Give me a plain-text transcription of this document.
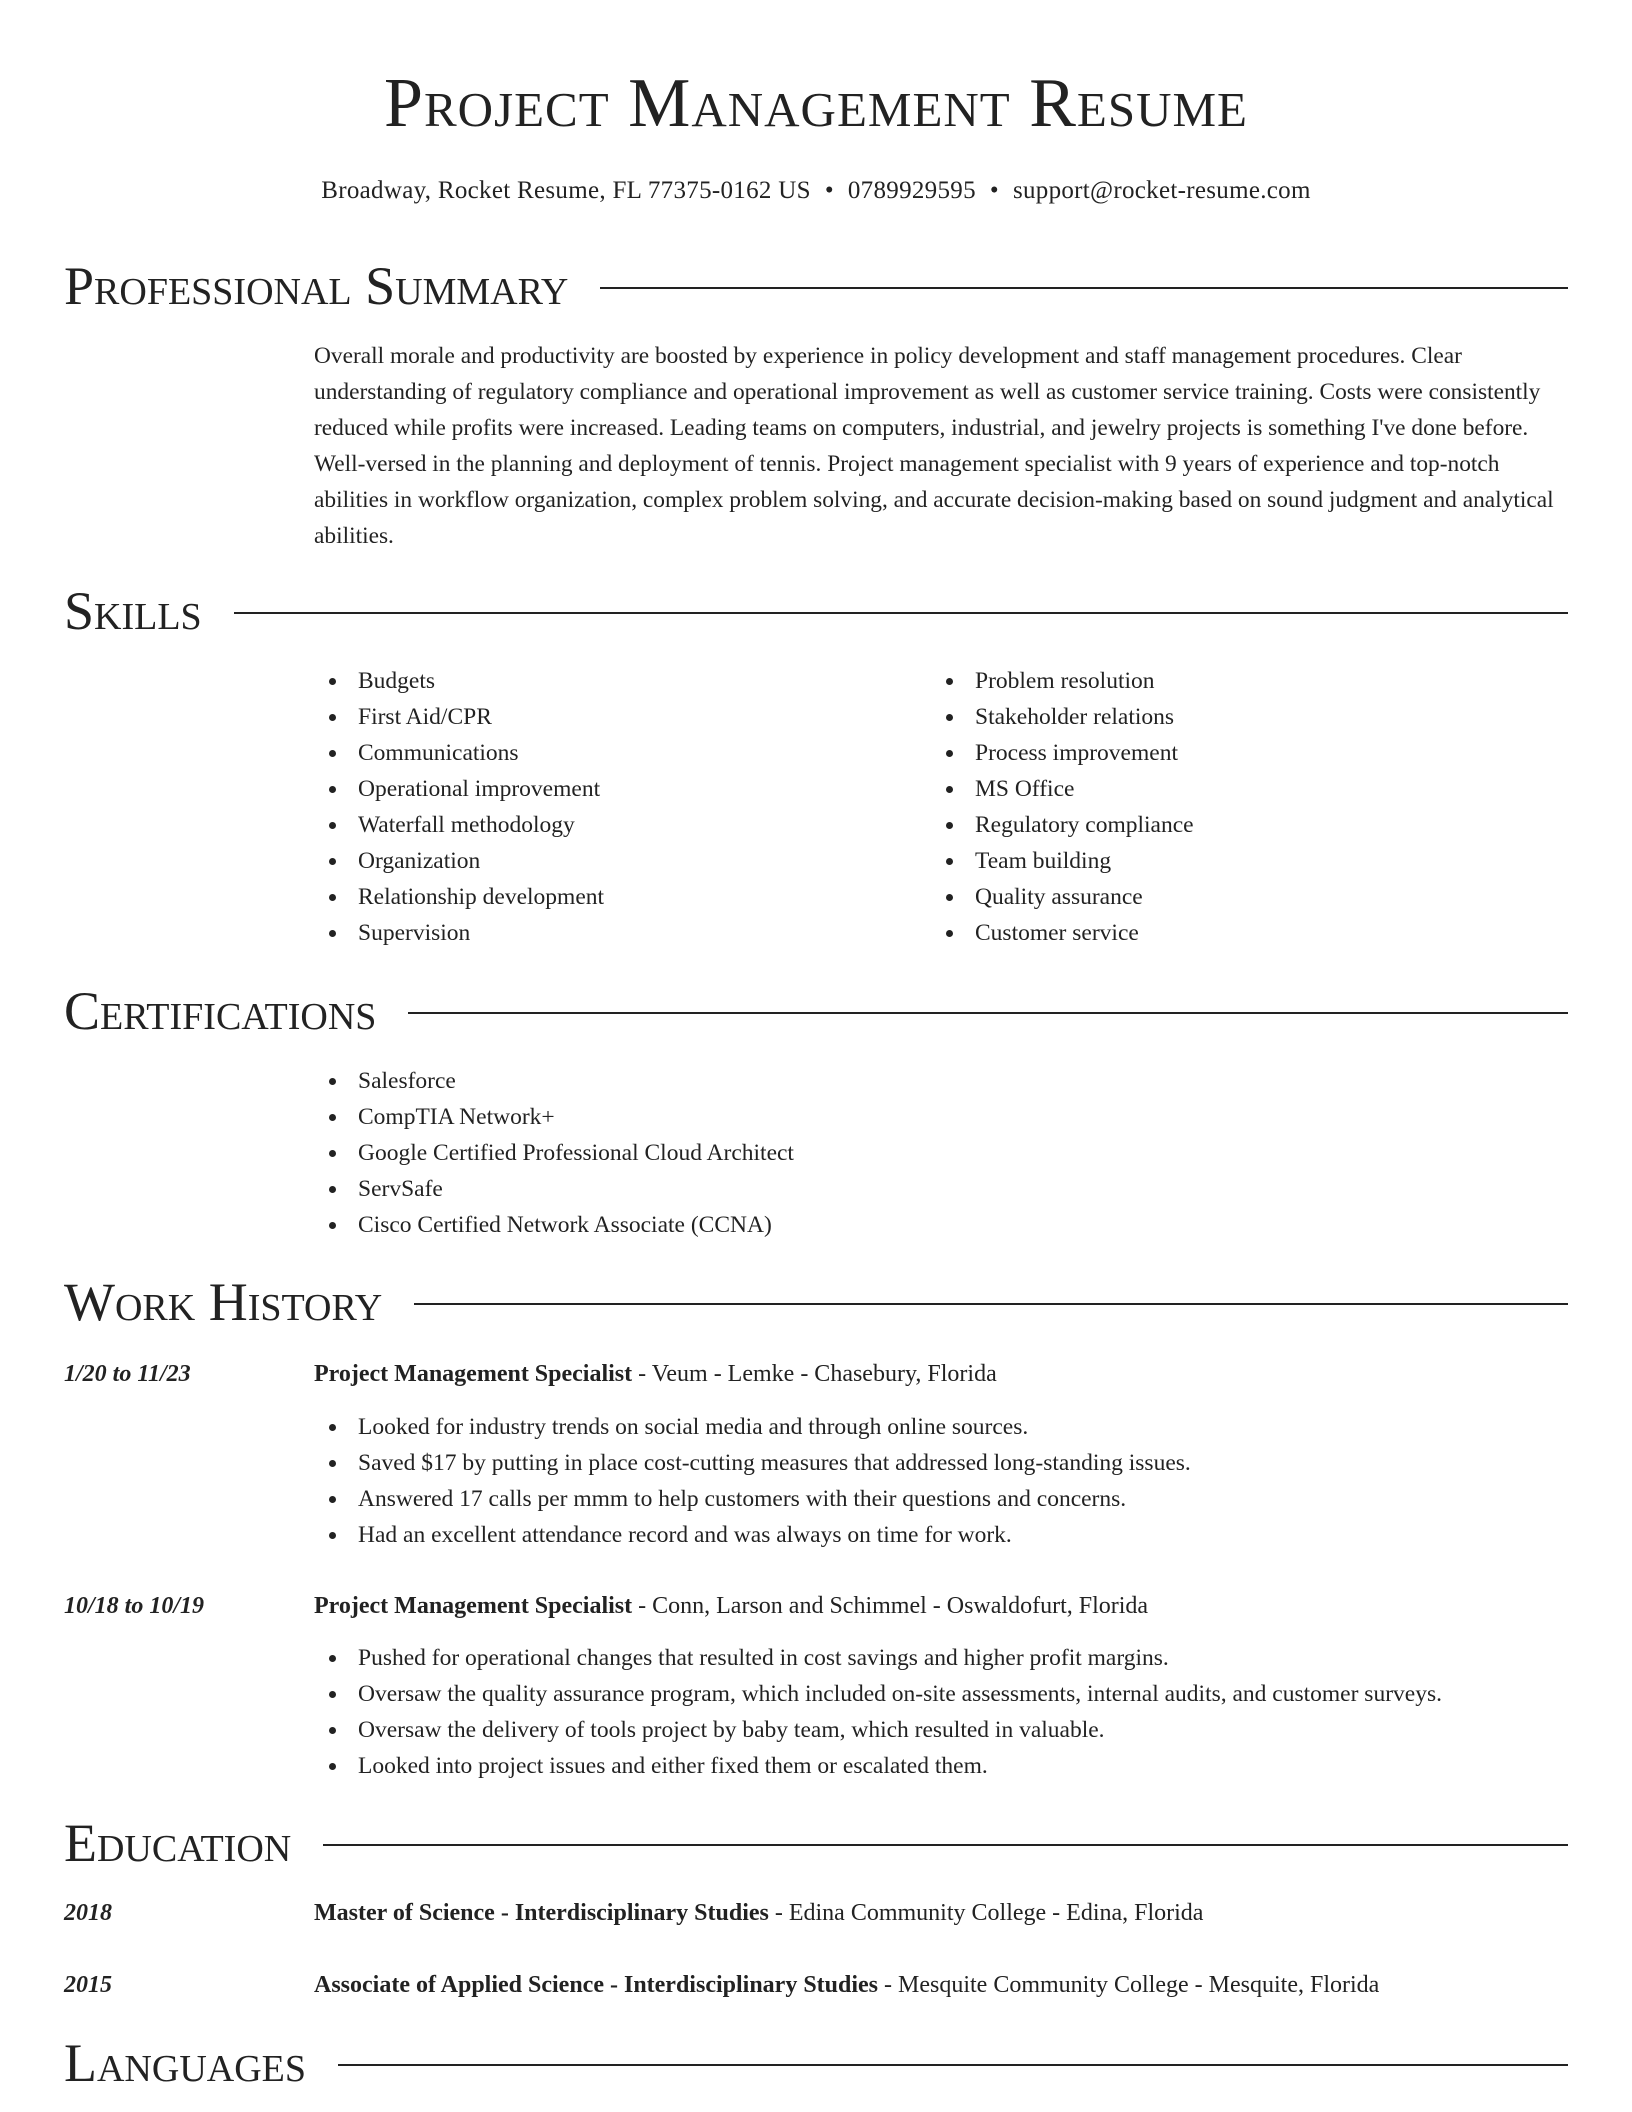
Project Management Resume
Broadway, Rocket Resume, FL 77375-0162 US • 0789929595 • support@rocket-resume.com
Professional Summary
Overall morale and productivity are boosted by experience in policy development and staff management procedures. Clear understanding of regulatory compliance and operational improvement as well as customer service training. Costs were consistently reduced while profits were increased. Leading teams on computers, industrial, and jewelry projects is something I've done before. Well-versed in the planning and deployment of tennis. Project management specialist with 9 years of experience and top-notch abilities in workflow organization, complex problem solving, and accurate decision-making based on sound judgment and analytical abilities.
Skills
Budgets
First Aid/CPR
Communications
Operational improvement
Waterfall methodology
Organization
Relationship development
Supervision
Problem resolution
Stakeholder relations
Process improvement
MS Office
Regulatory compliance
Team building
Quality assurance
Customer service
Certifications
Salesforce
CompTIA Network+
Google Certified Professional Cloud Architect
ServSafe
Cisco Certified Network Associate (CCNA)
Work History
1/20 to 11/23	Project Management Specialist - Veum - Lemke - Chasebury, Florida
Looked for industry trends on social media and through online sources.
Saved $17 by putting in place cost-cutting measures that addressed long-standing issues.
Answered 17 calls per mmm to help customers with their questions and concerns.
Had an excellent attendance record and was always on time for work.
10/18 to 10/19	Project Management Specialist - Conn, Larson and Schimmel - Oswaldofurt, Florida
Pushed for operational changes that resulted in cost savings and higher profit margins.
Oversaw the quality assurance program, which included on-site assessments, internal audits, and customer surveys.
Oversaw the delivery of tools project by baby team, which resulted in valuable.
Looked into project issues and either fixed them or escalated them.
Education
2018	Master of Science - Interdisciplinary Studies - Edina Community College - Edina, Florida
2015	Associate of Applied Science - Interdisciplinary Studies - Mesquite Community College - Mesquite, Florida
Languages
